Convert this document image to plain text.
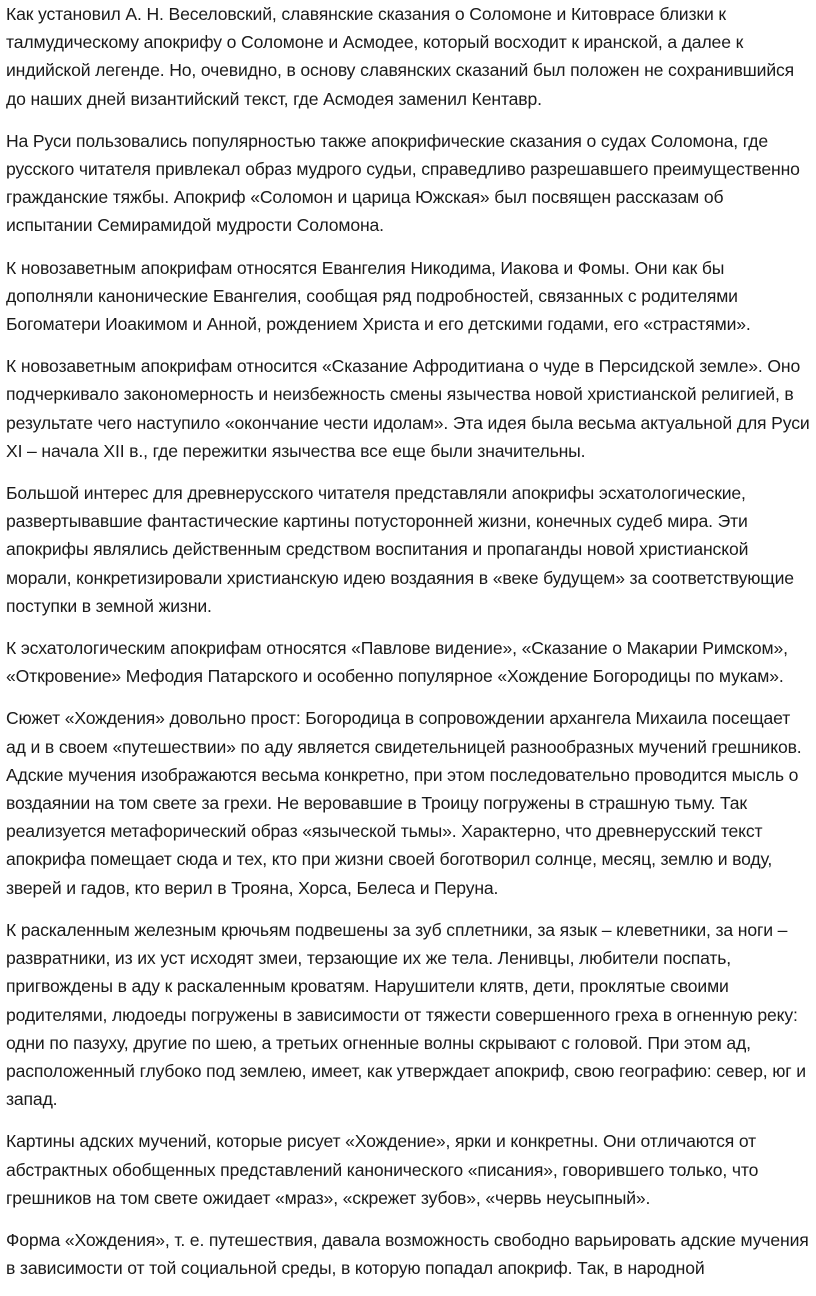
Как установил А. Н. Веселовский, славянские сказания о Соломоне и Китоврасе близки к талмудическому апокрифу о Соломоне и Асмодее, который восходит к иранской, а далее к индийской легенде. Но, очевидно, в основу славянских сказаний был положен не сохранившийся до наших дней византийский текст, где Асмодея заменил Кентавр.

На Руси пользовались популярностью также апокрифические сказания о судах Соломона, где русского читателя привлекал образ мудрого судьи, справедливо разрешавшего преимущественно гражданские тяжбы. Апокриф «Соломон и царица Южская» был посвящен рассказам об испытании Семирамидой мудрости Соломона.

К новозаветным апокрифам относятся Евангелия Никодима, Иакова и Фомы. Они как бы дополняли канонические Евангелия, сообщая ряд подробностей, связанных с родителями Богоматери Иоакимом и Анной, рождением Христа и его детскими годами, его «страстями».

К новозаветным апокрифам относится «Сказание Афродитиана о чуде в Персидской земле». Оно подчеркивало закономерность и неизбежность смены язычества новой христианской религией, в результате чего наступило «окончание чести идолам». Эта идея была весьма актуальной для Руси XI – начала XII в., где пережитки язычества все еще были значительны.

Большой интерес для древнерусского читателя представляли апокрифы эсхатологические, развертывавшие фантастические картины потусторонней жизни, конечных судеб мира. Эти апокрифы являлись действенным средством воспитания и пропаганды новой христианской морали, конкретизировали христианскую идею воздаяния в «веке будущем» за соответствующие поступки в земной жизни.

К эсхатологическим апокрифам относятся «Павлове видение», «Сказание о Макарии Римском», «Откровение» Мефодия Патарского и особенно популярное «Хождение Богородицы по мукам».

Сюжет «Хождения» довольно прост: Богородица в сопровождении архангела Михаила посещает ад и в своем «путешествии» по аду является свидетельницей разнообразных мучений грешников. Адские мучения изображаются весьма конкретно, при этом последовательно проводится мысль о воздаянии на том свете за грехи. Не веровавшие в Троицу погружены в страшную тьму. Так реализуется метафорический образ «языческой тьмы». Характерно, что древнерусский текст апокрифа помещает сюда и тех, кто при жизни своей боготворил солнце, месяц, землю и воду, зверей и гадов, кто верил в Трояна, Хорса, Белеса и Перуна.

К раскаленным железным крючьям подвешены за зуб сплетники, за язык – клеветники, за ноги – развратники, из их уст исходят змеи, терзающие их же тела. Ленивцы, любители поспать, пригвождены в аду к раскаленным кроватям. Нарушители клятв, дети, проклятые своими родителями, людоеды погружены в зависимости от тяжести совершенного греха в огненную реку: одни по пазуху, другие по шею, а третьих огненные волны скрывают с головой. При этом ад, расположенный глубоко под землею, имеет, как утверждает апокриф, свою географию: север, юг и запад.

Картины адских мучений, которые рисует «Хождение», ярки и конкретны. Они отличаются от абстрактных обобщенных представлений канонического «писания», говорившего только, что грешников на том свете ожидает «мраз», «скрежет зубов», «червь неусыпный».

Форма «Хождения», т. е. путешествия, давала возможность свободно варьировать адские мучения в зависимости от той социальной среды, в которую попадал апокриф. Так, в народной
